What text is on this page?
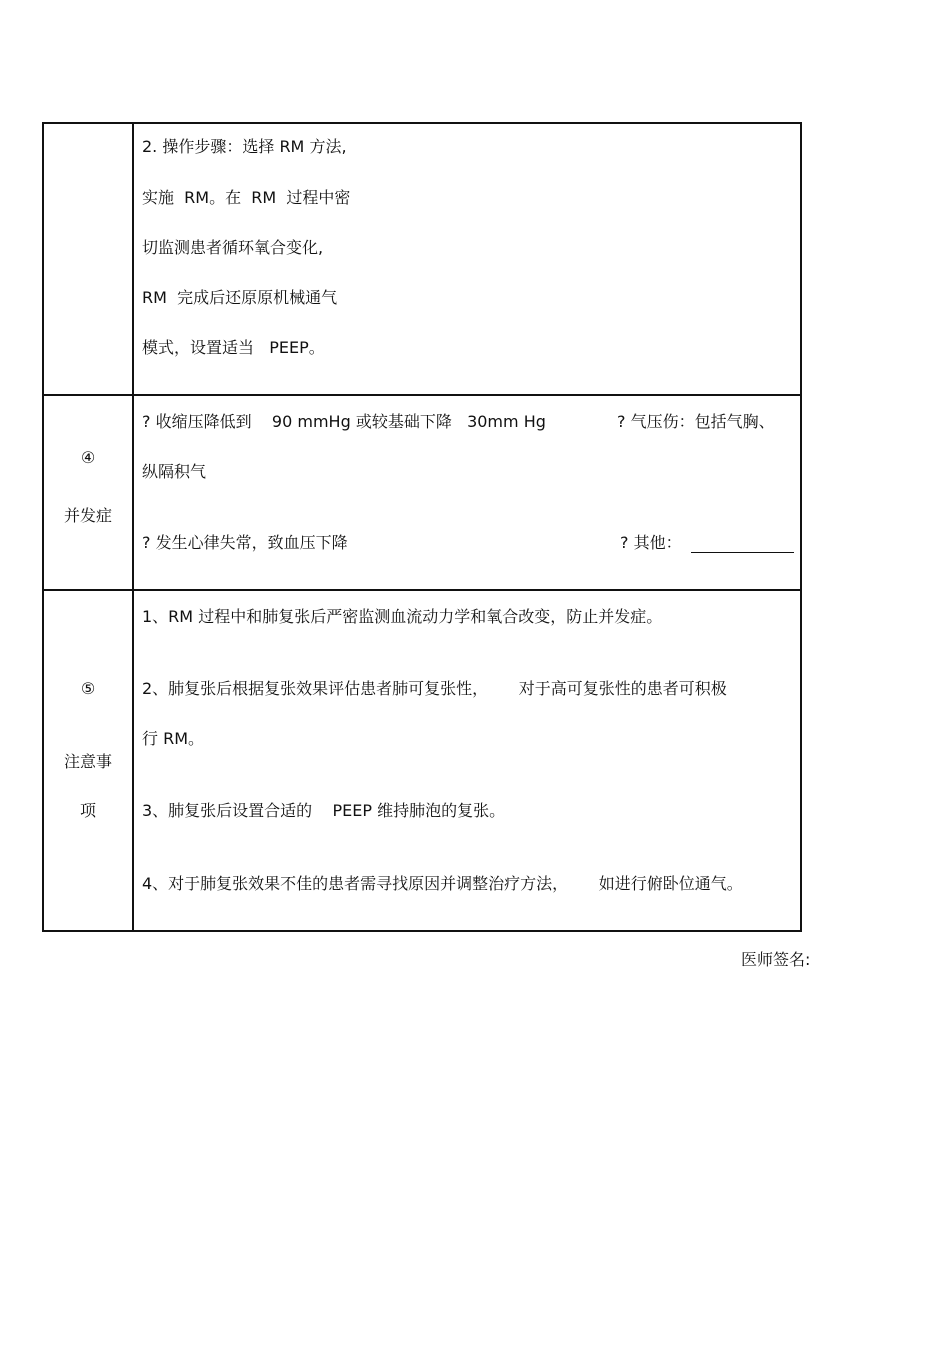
2. 操作步骤：选择 RM 方法,
实施  RM。在  RM  过程中密
切监测患者循环氧合变化,
RM  完成后还原原机械通气
模式，设置适当   PEEP。
④
并发症
? 收缩压降低到    90 mmHg 或较基础下降   30mm Hg	? 气压伤：包括气胸、
纵隔积气
? 发生心律失常，致血压下降	? 其他：
⑤
注意事
项
1、RM 过程中和肺复张后严密监测血流动力学和氧合改变，防止并发症。
2、肺复张后根据复张效果评估患者肺可复张性，      对于高可复张性的患者可积极
行 RM。
3、肺复张后设置合适的    PEEP 维持肺泡的复张。
4、对于肺复张效果不佳的患者需寻找原因并调整治疗方法，      如进行俯卧位通气。
医师签名:
